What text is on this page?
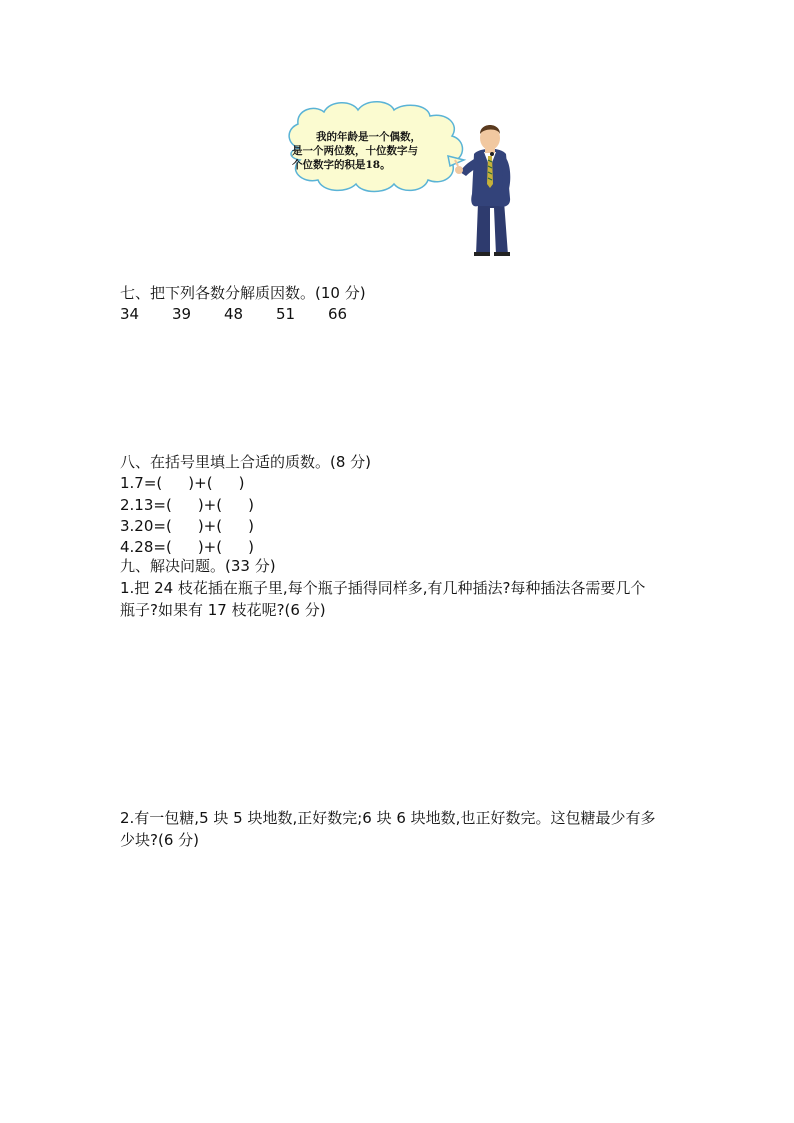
我的年龄是一个偶数，
是一个两位数，十位数字与
个位数字的积是18。
七、把下列各数分解质因数。(10 分)
34	39	48	51	66
八、在括号里填上合适的质数。(8 分)
1.7=( )+( )
2.13=( )+( )
3.20=( )+( )
4.28=( )+( )
九、解决问题。(33 分)
1.把 24 枝花插在瓶子里,每个瓶子插得同样多,有几种插法?每种插法各需要几个
瓶子?如果有 17 枝花呢?(6 分)
2.有一包糖,5 块 5 块地数,正好数完;6 块 6 块地数,也正好数完。这包糖最少有多
少块?(6 分)
